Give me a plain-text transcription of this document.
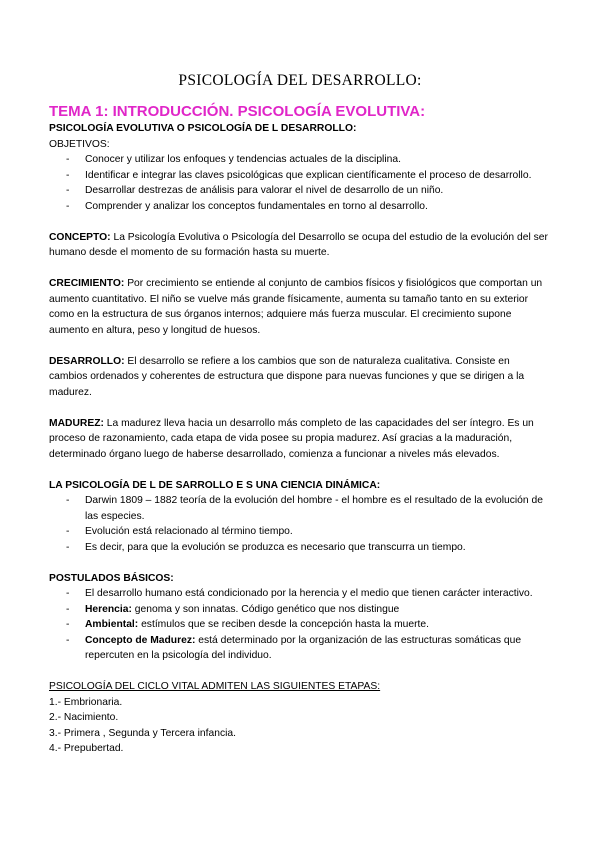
PSICOLOGÍA DEL DESARROLLO:

TEMA 1: INTRODUCCIÓN. PSICOLOGÍA EVOLUTIVA:

PSICOLOGÍA EVOLUTIVA O PSICOLOGÍA DE L DESARROLLO:

OBJETIVOS:

- Conocer y utilizar los enfoques y tendencias actuales de la disciplina.
- Identificar e integrar las claves psicológicas que explican científicamente el proceso de desarrollo.
- Desarrollar destrezas de análisis para valorar el nivel de desarrollo de un niño.
- Comprender y analizar los conceptos fundamentales en torno al desarrollo.

CONCEPTO: La Psicología Evolutiva o Psicología del Desarrollo se ocupa del estudio de la evolución del ser humano desde el momento de su formación hasta su muerte.

CRECIMIENTO: Por crecimiento se entiende al conjunto de cambios físicos y fisiológicos que comportan un aumento cuantitativo. El niño se vuelve más grande físicamente, aumenta su tamaño tanto en su exterior como en la estructura de sus órganos internos; adquiere más fuerza muscular. El crecimiento supone aumento en altura, peso y longitud de huesos.

DESARROLLO: El desarrollo se refiere a los cambios que son de naturaleza cualitativa. Consiste en cambios ordenados y coherentes de estructura que dispone para nuevas funciones y que se dirigen a la madurez.

MADUREZ: La madurez lleva hacia un desarrollo más completo de las capacidades del ser íntegro. Es un proceso de razonamiento, cada etapa de vida posee su propia madurez. Así gracias a la maduración, determinado órgano luego de haberse desarrollado, comienza a funcionar a niveles más elevados.

LA PSICOLOGÍA DE L DE SARROLLO E S UNA CIENCIA DINÁMICA:

- Darwin 1809 – 1882 teoría de la evolución del hombre - el hombre es el resultado de la evolución de las especies.
- Evolución está relacionado al término tiempo.
- Es decir, para que la evolución se produzca es necesario que transcurra un tiempo.

POSTULADOS BÁSICOS:

- El desarrollo humano está condicionado por la herencia y el medio que tienen carácter interactivo.
- Herencia: genoma y son innatas. Código genético que nos distingue
- Ambiental: estímulos que se reciben desde la concepción hasta la muerte.
- Concepto de Madurez: está determinado por la organización de las estructuras somáticas que repercuten en la psicología del individuo.

PSICOLOGÍA DEL CICLO VITAL ADMITEN LAS SIGUIENTES ETAPAS:

1.- Embrionaria.

2.- Nacimiento.

3.- Primera , Segunda y Tercera infancia.

4.- Prepubertad.
